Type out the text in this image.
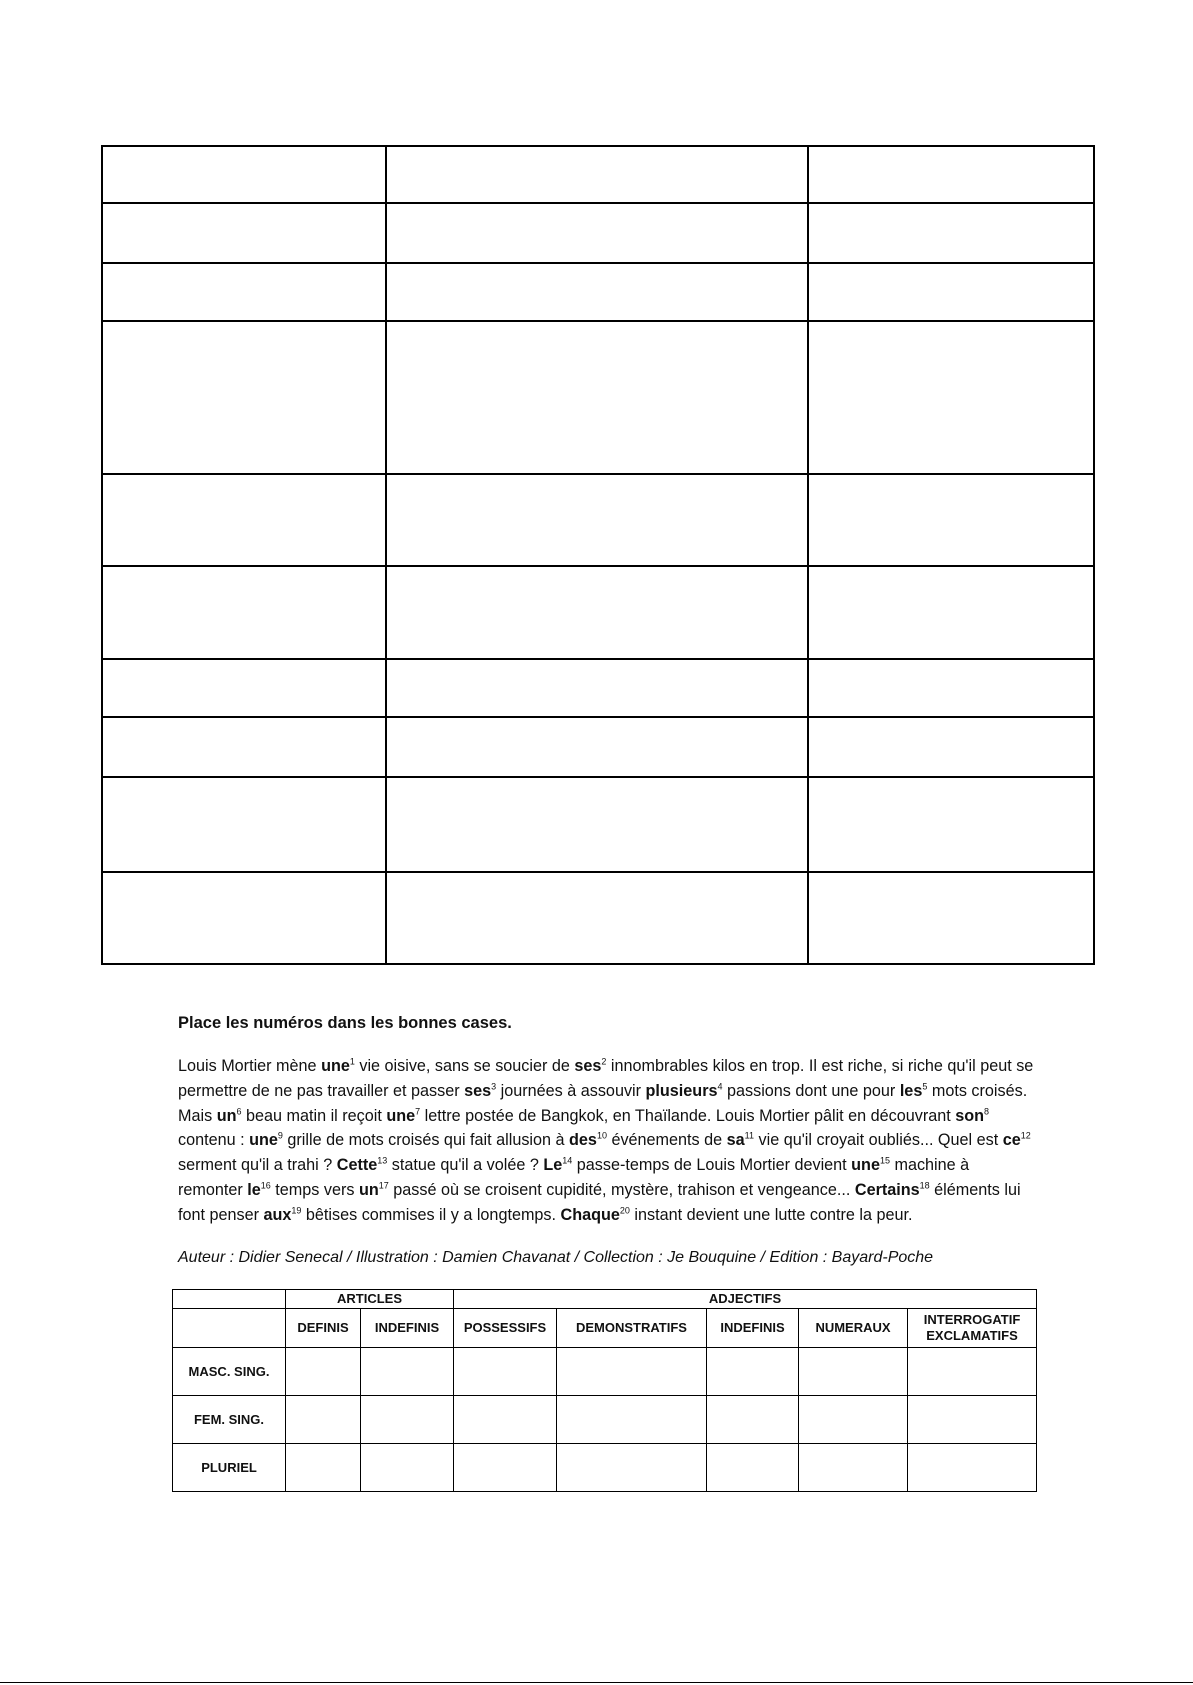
Place les numéros dans les bonnes cases.
Louis Mortier mène une$^1$ vie oisive, sans se soucier de ses$^2$ innombrables kilos en trop. Il est riche, si riche qu'il peut se permettre de ne pas travailler et passer ses$^3$ journées à assouvir plusieurs$^4$ passions dont une pour les$^5$ mots croisés. Mais $un^6$ beau matin il reçoit une$^7$ lettre postée de Bangkok, en Thaïlande. Louis Mortier pâlit en découvrant son$^8$ contenu : une$^9$ grille de mots croisés qui fait allusion à des$^{10}$ événements de $sa^{11}$ vie qu'il croyait oubliés... Quel est $ce^{12}$ serment qu'il a trahi ? Cette$^{13}$ statue qu'il a volée ? Le$^{14}$ passe-temps de Louis Mortier devient une$^{15}$ machine à remonter $le^{16}$ temps vers $un^{17}$ passé où se croisent cupidité, mystère, trahison et vengeance... Certains$^{18}$ éléments lui font penser aux$^{19}$ bêtises commises il y a longtemps. Chaque$^{20}$ instant devient une lutte contre la peur.
Auteur : Didier Senecal / Illustration : Damien Chavanat / Collection : Je Bouquine / Edition : Bayard-Poche
	ARTICLES		ADJECTIFS				
	DEFINIS	INDEFINIS	POSSESSIFS	DEMONSTRATIFS	INDEFINIS	NUMERAUX	INTERROGATIF EXCLAMATIFS
MASC. SING.							
FEM. SING.							
PLURIEL							
